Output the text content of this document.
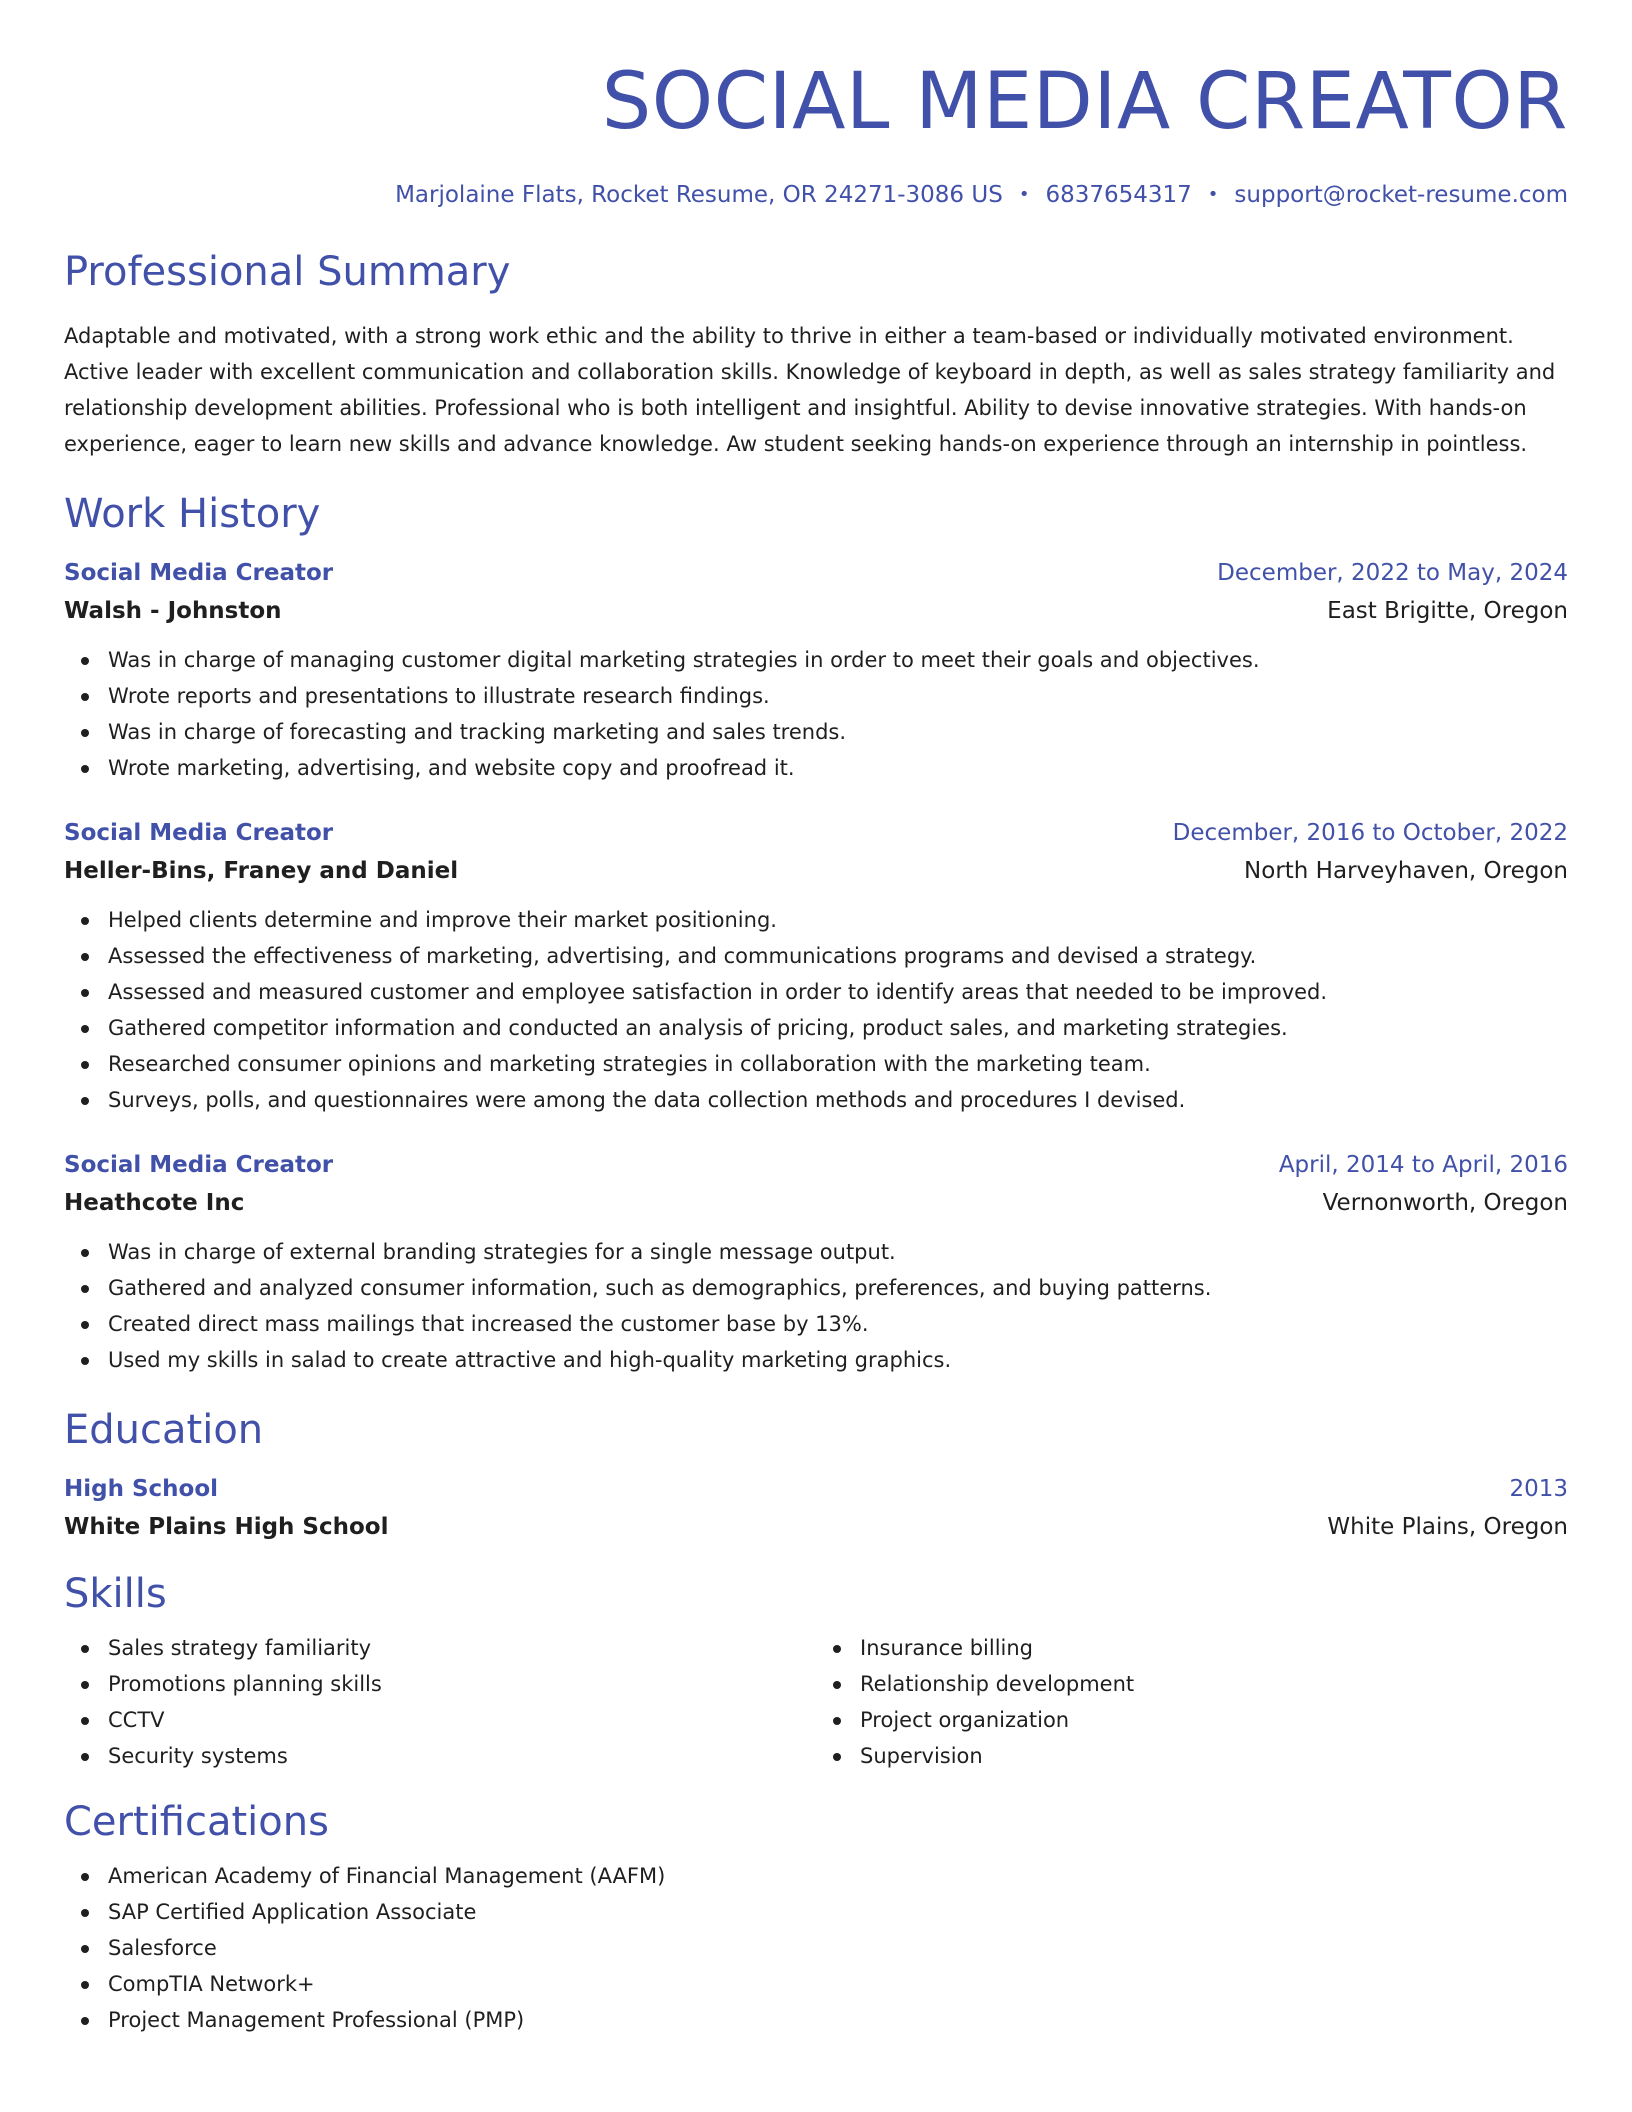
SOCIAL MEDIA CREATOR
Marjolaine Flats, Rocket Resume, OR 24271-3086 US • 6837654317 • support@rocket-resume.com
Professional Summary

Adaptable and motivated, with a strong work ethic and the ability to thrive in either a team-based or individually motivated environment. Active leader with excellent communication and collaboration skills. Knowledge of keyboard in depth, as well as sales strategy familiarity and relationship development abilities. Professional who is both intelligent and insightful. Ability to devise innovative strategies. With hands-on experience, eager to learn new skills and advance knowledge. Aw student seeking hands-on experience through an internship in pointless.

Work History
Social Media Creator	December, 2022 to May, 2024
Walsh - Johnston	East Brigitte, Oregon
Was in charge of managing customer digital marketing strategies in order to meet their goals and objectives.
Wrote reports and presentations to illustrate research findings.
Was in charge of forecasting and tracking marketing and sales trends.
Wrote marketing, advertising, and website copy and proofread it.
Social Media Creator	December, 2016 to October, 2022
Heller-Bins, Franey and Daniel	North Harveyhaven, Oregon
Helped clients determine and improve their market positioning.
Assessed the effectiveness of marketing, advertising, and communications programs and devised a strategy.
Assessed and measured customer and employee satisfaction in order to identify areas that needed to be improved.
Gathered competitor information and conducted an analysis of pricing, product sales, and marketing strategies.
Researched consumer opinions and marketing strategies in collaboration with the marketing team.
Surveys, polls, and questionnaires were among the data collection methods and procedures I devised.
Social Media Creator	April, 2014 to April, 2016
Heathcote Inc	Vernonworth, Oregon
Was in charge of external branding strategies for a single message output.
Gathered and analyzed consumer information, such as demographics, preferences, and buying patterns.
Created direct mass mailings that increased the customer base by 13%.
Used my skills in salad to create attractive and high-quality marketing graphics.
Education
High School	2013
White Plains High School	White Plains, Oregon
Skills
Sales strategy familiarity
Promotions planning skills
CCTV
Security systems
Insurance billing
Relationship development
Project organization
Supervision
Certifications
American Academy of Financial Management (AAFM)
SAP Certified Application Associate
Salesforce
CompTIA Network+
Project Management Professional (PMP)
